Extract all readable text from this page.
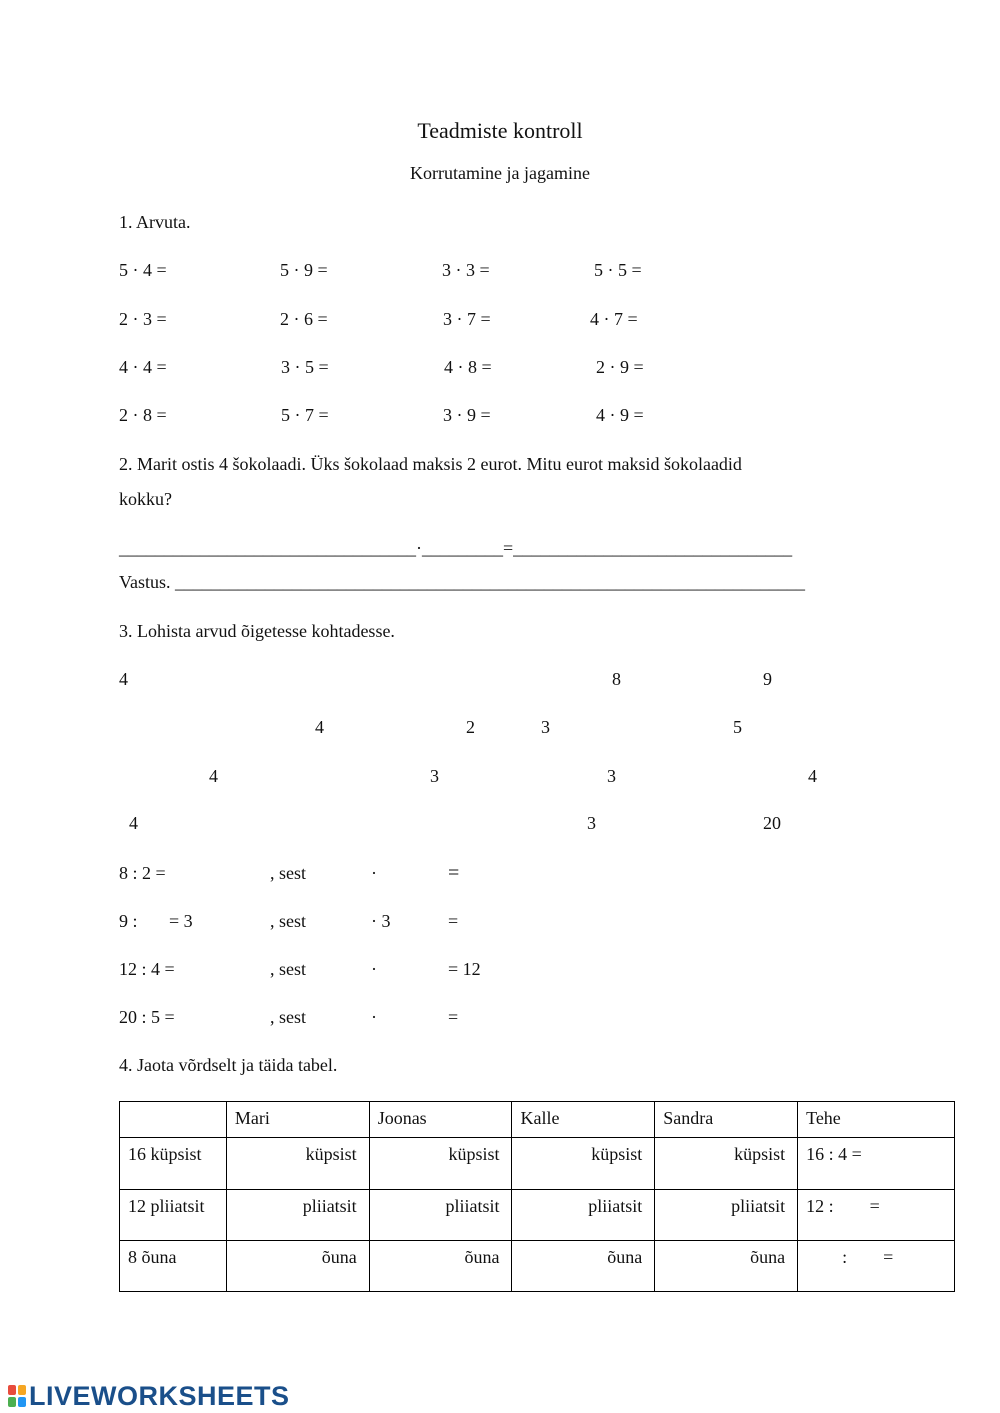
Teadmiste kontroll
Korrutamine ja jagamine
1. Arvuta.
5 · 4 =	5 · 9 =	3 · 3 =	5 · 5 =
2 · 3 =	2 · 6 =	3 · 7 =	4 · 7 =
4 · 4 =	3 · 5 =	4 · 8 =	2 · 9 =
2 · 8 =	5 · 7 =	3 · 9 =	4 · 9 =
2. Marit ostis 4 šokolaadi. Üks šokolaad maksis 2 eurot. Mitu eurot maksid šokolaadid
kokku?
_________________________________·_________=_______________________________
Vastus. ______________________________________________________________________
3. Lohista arvud õigetesse kohtadesse.
4	8	9
4	2	3	5
4	3	3	4
4	3	20
8 : 2 =	, sest	·	=
9 : = 3	, sest	· 3	=
12 : 4 =	, sest	·	= 12
20 : 5 =	, sest	·	=
4. Jaota võrdselt ja täida tabel.
	Mari	Joonas	Kalle	Sandra	Tehe
16 küpsist	küpsist	küpsist	küpsist	küpsist	16 : 4 =
12 pliiatsit	pliiatsit	pliiatsit	pliiatsit	pliiatsit	12 : =
8 õuna	õuna	õuna	õuna	õuna	: =
LIVEWORKSHEETS
